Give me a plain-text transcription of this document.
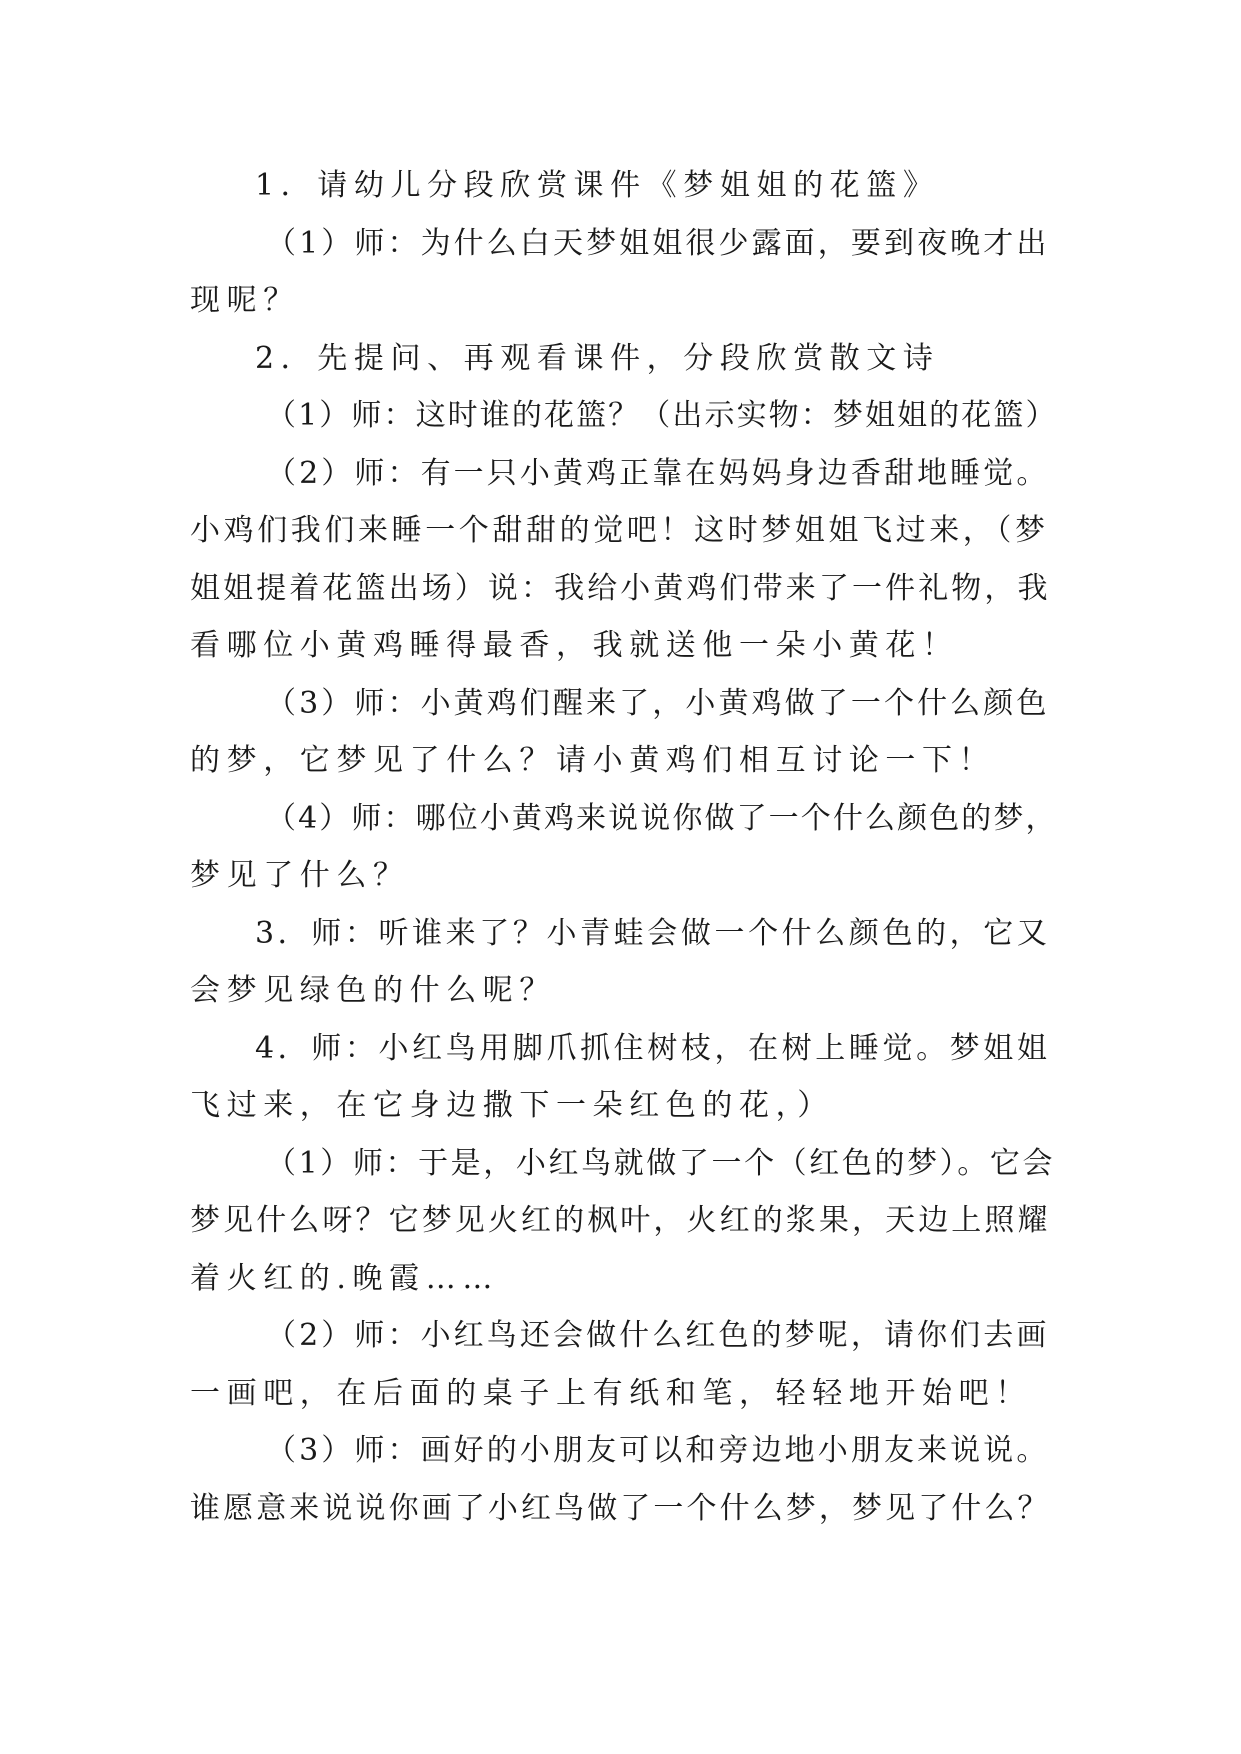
1．请幼儿分段欣赏课件《梦姐姐的花篮》
（1）师：为什么白天梦姐姐很少露面，要到夜晚才出
现呢？
2．先提问、再观看课件，分段欣赏散文诗
（1）师：这时谁的花篮？（出示实物：梦姐姐的花篮）
（2）师：有一只小黄鸡正靠在妈妈身边香甜地睡觉。
小鸡们我们来睡一个甜甜的觉吧！这时梦姐姐飞过来，（梦
姐姐提着花篮出场）说：我给小黄鸡们带来了一件礼物，我
看哪位小黄鸡睡得最香，我就送他一朵小黄花！
（3）师：小黄鸡们醒来了，小黄鸡做了一个什么颜色
的梦，它梦见了什么？请小黄鸡们相互讨论一下！
（4）师：哪位小黄鸡来说说你做了一个什么颜色的梦，
梦见了什么？
3．师：听谁来了？小青蛙会做一个什么颜色的，它又
会梦见绿色的什么呢？
4．师：小红鸟用脚爪抓住树枝，在树上睡觉。梦姐姐
飞过来，在它身边撒下一朵红色的花，）
（1）师：于是，小红鸟就做了一个（红色的梦）。它会
梦见什么呀？它梦见火红的枫叶，火红的浆果，天边上照耀
着火红的.晚霞……
（2）师：小红鸟还会做什么红色的梦呢，请你们去画
一画吧，在后面的桌子上有纸和笔，轻轻地开始吧！
（3）师：画好的小朋友可以和旁边地小朋友来说说。
谁愿意来说说你画了小红鸟做了一个什么梦，梦见了什么？
